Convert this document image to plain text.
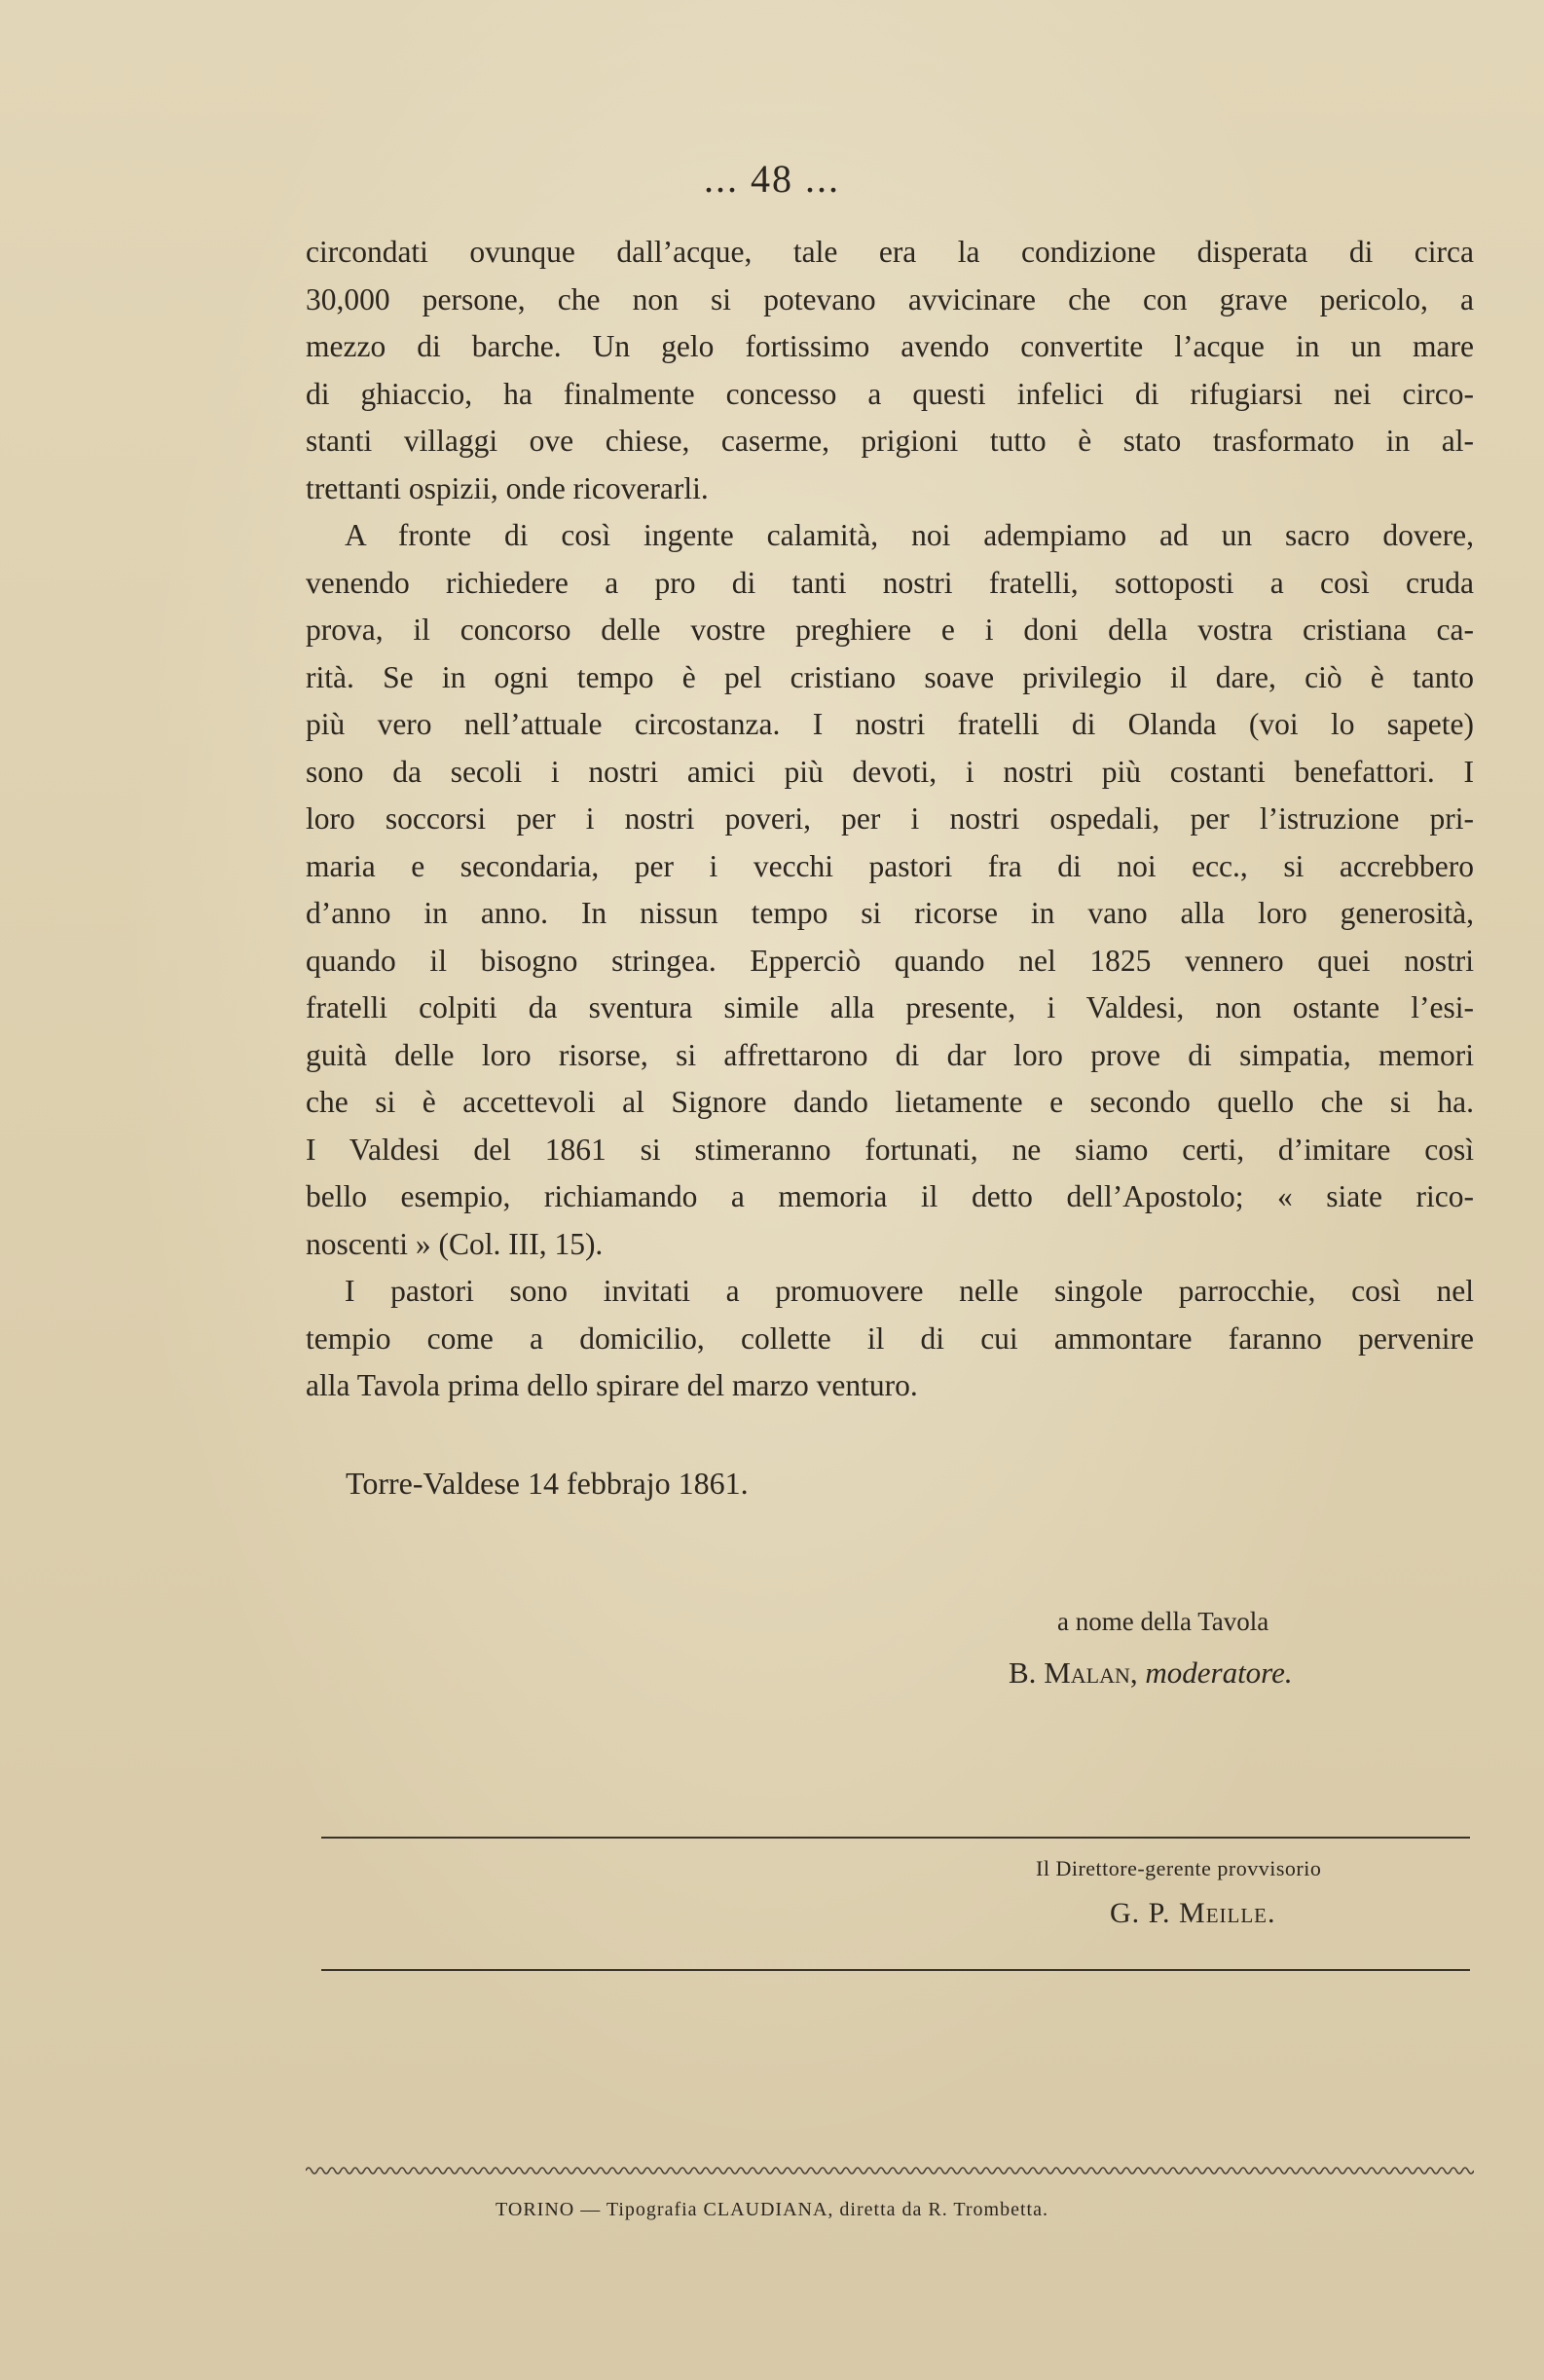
... 48 ...
circondati ovunque dall’acque, tale era la condizione disperata di circa
30,000 persone, che non si potevano avvicinare che con grave pericolo, a
mezzo di barche. Un gelo fortissimo avendo convertite l’acque in un mare
di ghiaccio, ha finalmente concesso a questi infelici di rifugiarsi nei circo-
stanti villaggi ove chiese, caserme, prigioni tutto è stato trasformato in al-
trettanti ospizii, onde ricoverarli.
A fronte di così ingente calamità, noi adempiamo ad un sacro dovere,
venendo richiedere a pro di tanti nostri fratelli, sottoposti a così cruda
prova, il concorso delle vostre preghiere e i doni della vostra cristiana ca-
rità. Se in ogni tempo è pel cristiano soave privilegio il dare, ciò è tanto
più vero nell’attuale circostanza. I nostri fratelli di Olanda (voi lo sapete)
sono da secoli i nostri amici più devoti, i nostri più costanti benefattori. I
loro soccorsi per i nostri poveri, per i nostri ospedali, per l’istruzione pri-
maria e secondaria, per i vecchi pastori fra di noi ecc., si accrebbero
d’anno in anno. In nissun tempo si ricorse in vano alla loro generosità,
quando il bisogno stringea. Epperciò quando nel 1825 vennero quei nostri
fratelli colpiti da sventura simile alla presente, i Valdesi, non ostante l’esi-
guità delle loro risorse, si affrettarono di dar loro prove di simpatia, memori
che si è accettevoli al Signore dando lietamente e secondo quello che si ha.
I Valdesi del 1861 si stimeranno fortunati, ne siamo certi, d’imitare così
bello esempio, richiamando a memoria il detto dell’Apostolo; « siate rico-
noscenti » (Col. III, 15).
I pastori sono invitati a promuovere nelle singole parrocchie, così nel
tempio come a domicilio, collette il di cui ammontare faranno pervenire
alla Tavola prima dello spirare del marzo venturo.
Torre-Valdese 14 febbrajo 1861.
a nome della Tavola
B. Malan, moderatore.
Il Direttore-gerente provvisorio
G. P. Meille.
TORINO — Tipografia CLAUDIANA, diretta da R. Trombetta.
